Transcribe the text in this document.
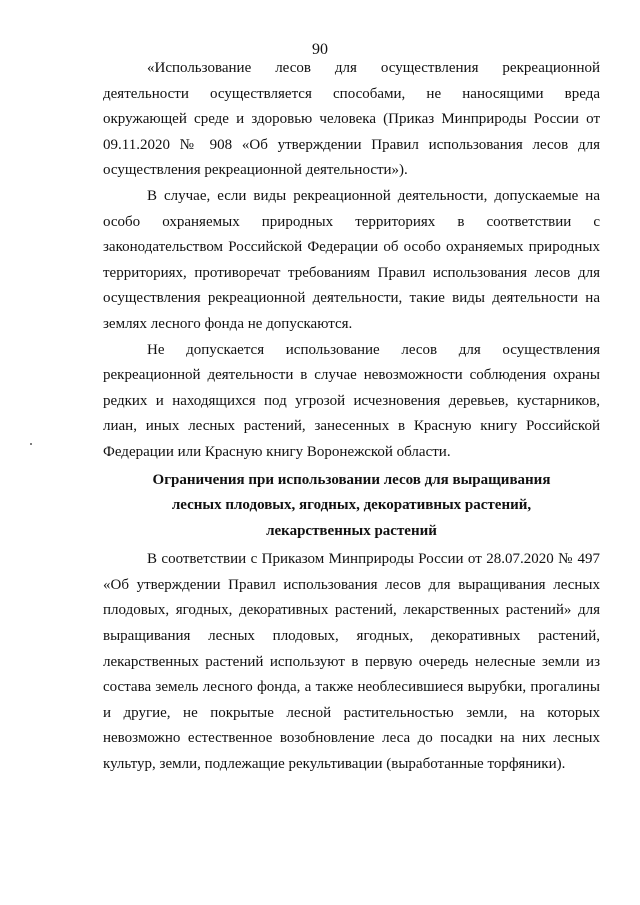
90

«Использование лесов для осуществления рекреационной деятельности осуществляется способами, не наносящими вреда окружающей среде и здоровью человека (Приказ Минприроды России от 09.11.2020 № 908 «Об утверждении Правил использования лесов для осуществления рекреационной деятельности»).

В случае, если виды рекреационной деятельности, допускаемые на особо охраняемых природных территориях в соответствии с законодательством Российской Федерации об особо охраняемых природных территориях, противоречат требованиям Правил использования лесов для осуществления рекреационной деятельности, такие виды деятельности на землях лесного фонда не допускаются.

Не допускается использование лесов для осуществления рекреационной деятельности в случае невозможности соблюдения охраны редких и находящихся под угрозой исчезновения деревьев, кустарников, лиан, иных лесных растений, занесенных в Красную книгу Российской Федерации или Красную книгу Воронежской области.

Ограничения при использовании лесов для выращивания
лесных плодовых, ягодных, декоративных растений,
лекарственных растений

В соответствии с Приказом Минприроды России от 28.07.2020 № 497 «Об утверждении Правил использования лесов для выращивания лесных плодовых, ягодных, декоративных растений, лекарственных растений» для выращивания лесных плодовых, ягодных, декоративных растений, лекарственных растений используют в первую очередь нелесные земли из состава земель лесного фонда, а также необлесившиеся вырубки, прогалины и другие, не покрытые лесной растительностью земли, на которых невозможно естественное возобновление леса до посадки на них лесных культур, земли, подлежащие рекультивации (выработанные торфяники).
